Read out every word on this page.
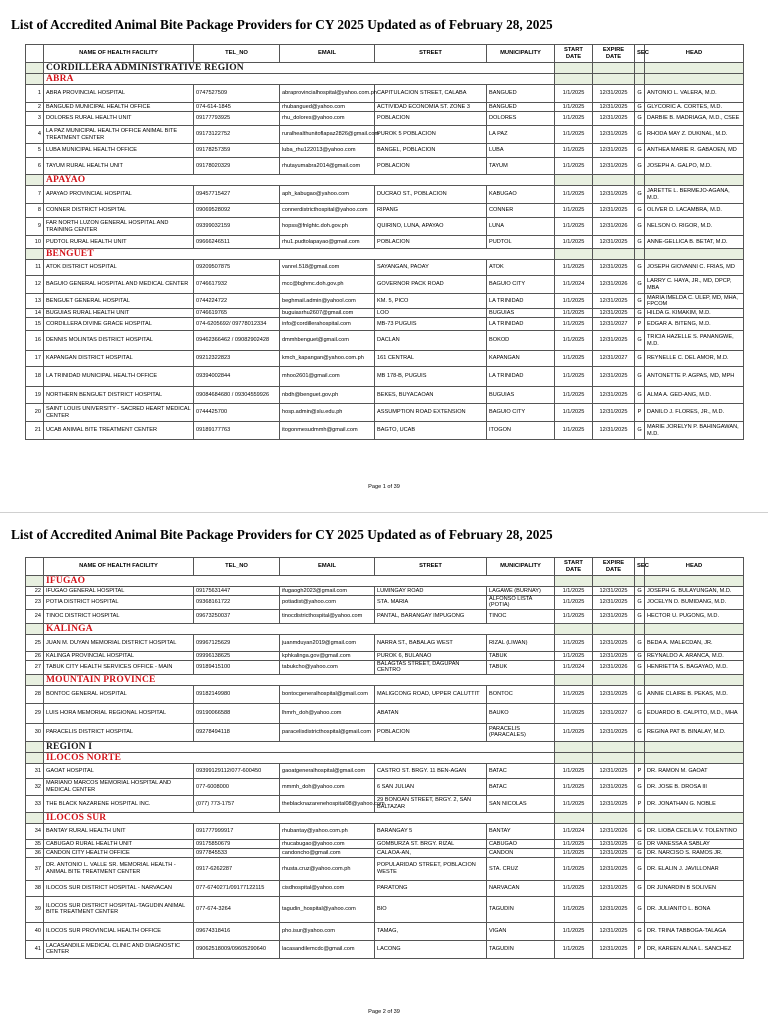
List of Accredited Animal Bite Package Providers for CY 2025 Updated as of February 28, 2025
	NAME OF HEALTH FACILITY	TEL_NO	EMAIL	STREET	MUNICIPALITY	START DATE	EXPIRE DATE	SEC	HEAD
	CORDILLERA ADMINISTRATIVE REGION								
	ABRA								
1	ABRA PROVINCIAL HOSPITAL	0747527509	abraprovincialhospital@yahoo.com.ph	CAPITULACION STREET, CALABA	BANGUED	1/1/2025	12/31/2025	G	ANTONIO L. VALERA, M.D.
2	BANGUED MUNICIPAL HEALTH OFFICE	074-614-1845	rhubangued@yahoo.com	ACTIVIDAD ECONOMIA ST. ZONE 3	BANGUED	1/1/2025	12/31/2025	G	GLYCORIC A. CORTES, M.D.
3	DOLORES RURAL HEALTH UNIT	09177793925	rhu_dolores@yahoo.com	POBLACION	DOLORES	1/1/2025	12/31/2025	G	DARBIE B. MADRIAGA, M.D., CSEE
4	LA PAZ MUNICIPAL HEALTH OFFICE ANIMAL BITE TREATMENT CENTER	09173122752	ruralhealthunitoflapaz2826@gmail.com	PUROK 5 POBLACION	LA PAZ	1/1/2025	12/31/2025	G	RHODA MAY Z. DUKINAL, M.D.
5	LUBA MUNICIPAL HEALTH OFFICE	09178257359	luba_rhu122013@yahoo.com	BANGEL, POBLACION	LUBA	1/1/2025	12/31/2025	G	ANTHEA MARIE R. GABAOEN, MD
6	TAYUM RURAL HEALTH UNIT	09178020329	rhutayumabra2014@gmail.com	POBLACION	TAYUM	1/1/2025	12/31/2025	G	JOSEPH A. GALPO, M.D.
	APAYAO								
7	APAYAO PROVINCIAL HOSPITAL	09457715427	aph_kabugao@yahoo.com	DUCRAO ST., POBLACION	KABUGAO	1/1/2025	12/31/2025	G	JARETTE L. BERMEJO-AGANA, M.D.
8	CONNER DISTRICT HOSPITAL	09069528092	connerdistricthospital@yahoo.com	RIPANG	CONNER	1/1/2025	12/31/2025	G	OLIVER D. LACAMBRA, M.D.
9	FAR NORTH LUZON GENERAL HOSPITAL AND TRAINING CENTER	09399032159	hopss@fnlghtc.doh.gov.ph	QUIRINO, LUNA, APAYAO	LUNA	1/1/2025	12/31/2026	G	NELSON O. RIGOR, M.D.
10	PUDTOL RURAL HEALTH UNIT	09666246511	rhu1.pudtolapayao@gmail.com	POBLACION	PUDTOL	1/1/2025	12/31/2025	G	ANNE-GELLICA B. BETAT, M.D.
	BENGUET								
11	ATOK DISTRICT HOSPITAL	09209507875	vanrel.518@gmail.com	SAYANGAN, PAOAY	ATOK	1/1/2025	12/31/2025	G	JOSEPH GIOVANNI C. FRIAS, MD
12	BAGUIO GENERAL HOSPITAL AND MEDICAL CENTER	0746617932	mcc@bghmc.doh.gov.ph	GOVERNOR PACK ROAD	BAGUIO CITY	1/1/2024	12/31/2026	G	LARRY C. HAYA, JR., MD, DPCP, MBA
13	BENGUET GENERAL HOSPITAL	0744224722	beghmail.admin@yahool.com	KM. 5, PICO	LA TRINIDAD	1/1/2025	12/31/2025	G	MARIA IMELDA C. ULEP, MD, MHA, FPCOM
14	BUGUIAS RURAL HEALTH UNIT	0746619765	buguiasrhu2607@gmail.com	LOO	BUGUIAS	1/1/2025	12/31/2025	G	HILDA G. KIMAKIM, M.D.
15	CORDILLERA DIVINE GRACE HOSPITAL	074-6205692/ 09778012334	info@cordillerahospital.com	MB-73 PUGUIS	LA TRINIDAD	1/1/2025	12/31/2027	P	EDGAR A. BITENG, M.D.
16	DENNIS MOLINTAS DISTRICT HOSPITAL	09462366462 / 09082902428	dmmhbenguet@gmail.com	DACLAN	BOKOD	1/1/2025	12/31/2025	G	TRICIA HAZELLE S. PANANGWE, M.D.
17	KAPANGAN DISTRICT HOSPITAL	09212322823	kmch_kapangan@yahoo.com.ph	161 CENTRAL	KAPANGAN	1/1/2025	12/31/2027	G	REYNELLE C. DEL AMOR, M.D.
18	LA TRINIDAD MUNICIPAL HEALTH OFFICE	09394002844	mhoo2601@gmail.com	MB 178-B, PUGUIS	LA TRINIDAD	1/1/2025	12/31/2025	G	ANTONETTE P. AGPAS, MD, MPH
19	NORTHERN BENGUET DISTRICT HOSPITAL	09084684680 / 09304559926	nbdh@benguet.gov.ph	BEKES, BUYACAOAN	BUGUIAS	1/1/2025	12/31/2025	G	ALMA A. GED-ANG, M.D.
20	SAINT LOUIS UNIVERSITY - SACRED HEART MEDICAL CENTER	0744425700	hosp.admin@slu.edu.ph	ASSUMPTION ROAD EXTENSION	BAGUIO CITY	1/1/2025	12/31/2025	P	DANILO J. FLORES, JR., M.D.
21	UCAB ANIMAL BITE TREATMENT CENTER	09189177763	itogonmesudmmh@gmail.com	BAGTO, UCAB	ITOGON	1/1/2025	12/31/2025	G	MARIE JORELYN P. BAHINGAWAN, M.D.
Page 1 of 39
List of Accredited Animal Bite Package Providers for CY 2025 Updated as of February 28, 2025
	NAME OF HEALTH FACILITY	TEL_NO	EMAIL	STREET	MUNICIPALITY	START DATE	EXPIRE DATE	SEC	HEAD
	IFUGAO								
22	IFUGAO GENERAL HOSPITAL	09175631447	ifugaogh2023@gmail.com	LUMINGAY ROAD	LAGAWE (BURNAY)	1/1/2025	12/31/2025	G	JOSEPH G. BULAYUNGAN, M.D.
23	POTIA DISTRICT HOSPITAL	09368161722	potiadist@yahoo.com	STA. MARIA	ALFONSO LISTA (POTIA)	1/1/2025	12/31/2025	G	JOCELYN D. BUMIDANG, M.D.
24	TINOC DISTRICT HOSPITAL	09673250037	tinocdistricthospital@yahoo.com	PANTAL, BARANGAY IMPUGONG	TINOC	1/1/2025	12/31/2025	G	HECTOR U. PUGONG, M.D.
	KALINGA								
25	JUAN M. DUYAN MEMORIAL DISTRICT HOSPITAL	09967125629	juanmduyan2019@gmail.com	NARRA ST., BABALAG WEST	RIZAL (LIWAN)	1/1/2025	12/31/2025	G	BEDA A. MALECDAN, JR.
26	KALINGA PROVINCIAL HOSPITAL	09996138625	kphkalinga.gov@gmail.com	PUROK 6, BULANAO	TABUK	1/1/2025	12/31/2025	G	REYNALDO A. ARANCA, M.D.
27	TABUK CITY HEALTH SERVICES OFFICE - MAIN	09189415100	tabukcho@yahoo.com	BALAGTAS STREET, DAGUPAN CENTRO	TABUK	1/1/2024	12/31/2026	G	HENRIETTA S. BAGAYAO, M.D.
	MOUNTAIN PROVINCE								
28	BONTOC GENERAL HOSPITAL	09182149980	bontocgeneralhospital@gmail.com	MALIGCONG ROAD, UPPER CALUTTIT	BONTOC	1/1/2025	12/31/2025	G	ANNIE CLAIRE B. PEKAS, M.D.
29	LUIS HORA MEMORIAL REGIONAL HOSPITAL	09190066588	lhmrh_doh@yahoo.com	ABATAN	BAUKO	1/1/2025	12/31/2027	G	EDUARDO B. CALPITO, M.D., MHA
30	PARACELIS DISTRICT HOSPITAL	09278494118	paracelisdistricthospital@gmail.com	POBLACION	PARACELIS (PARACALES)	1/1/2025	12/31/2025	G	REGINA PAT B. BINALAY, M.D.
	REGION I								
	ILOCOS NORTE								
31	GAOAT HOSPITAL	09399129112/077-600450	gaoatgeneralhospital@gmail.com	CASTRO ST. BRGY. 11 BEN-AGAN	BATAC	1/1/2025	12/31/2025	P	DR. RAMON M. GAOAT
32	MARIANO MARCOS MEMORIAL HOSPITAL AND MEDICAL CENTER	077-6008000	mmmh_doh@yahoo.com	6 SAN JULIAN	BATAC	1/1/2025	12/31/2025	G	DR. JOSE B. DROSA III
33	THE BLACK NAZARENE HOSPITAL INC.	(077) 773-1757	theblacknazarenehospital08@yahoo.com	29 BONOAN STREET, BRGY. 2, SAN BALTAZAR	SAN NICOLAS	1/1/2025	12/31/2025	P	DR. JONATHAN G. NOBLE
	ILOCOS SUR								
34	BANTAY RURAL HEALTH UNIT	091777999917	rhubantay@yahoo.com.ph	BARANGAY 5	BANTAY	1/1/2024	12/31/2026	G	DR. LIOBA CECILIA V. TOLENTINO
35	CABUGAO RURAL HEALTH UNIT	09175850679	rhucabugao@yahoo.com	GOMBURZA ST. BRGY. RIZAL	CABUGAO	1/1/2025	12/31/2025	G	DR VANESSA A SABLAY
36	CANDON CITY HEALTH OFFICE	0977845533	candoncho@gmail.com	CALAOA-AN,	CANDON	1/1/2025	12/31/2025	G	DR. NARCISO S. RAMOS JR.
37	DR. ANTONIO L. VALLE SR. MEMORIAL HEALTH - ANIMAL BITE TREATMENT CENTER	0917-6262287	rhusta.cruz@yahoo.com.ph	POPULARIDAD STREET, POBLACION WESTE	STA. CRUZ	1/1/2025	12/31/2025	G	DR. ELALIN J. JAVILLONAR
38	ILOCOS SUR DISTRICT HOSPITAL - NARVACAN	077-6740271/09177122115	cisdhospital@yahoo.com	PARATONG	NARVACAN	1/1/2025	12/31/2025	G	DR JUNARDIN B SOLIVEN
39	ILOCOS SUR DISTRICT HOSPITAL-TAGUDIN ANIMAL BITE TREATMENT CENTER	077-674-3264	tagudin_hospital@yahoo.com	BIO	TAGUDIN	1/1/2025	12/31/2025	G	DR. JULIANITO L. BONA
40	ILOCOS SUR PROVINCIAL HEALTH OFFICE	09674318416	pho.isur@yahoo.com	TAMAG,	VIGAN	1/1/2025	12/31/2025	G	DR. TRINA TABBOGA-TALAGA
41	LACASANDILE MEDICAL CLINIC AND DIAGNOSTIC CENTER	09062518009/09605290640	lacasandilemcdc@gmail.com	LACONG	TAGUDIN	1/1/2025	12/31/2025	P	DR, KAREEN ALNA L. SANCHEZ
Page 2 of 39
